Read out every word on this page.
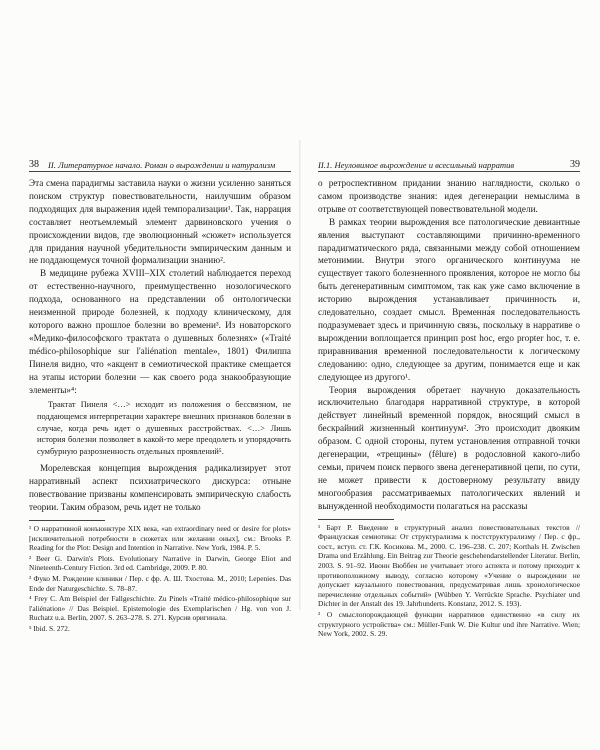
38 II. Литературное начало. Роман о вырождении и натурализм

Эта смена парадигмы заставила науки о жизни усиленно заняться поиском структур повествовательности, наилучшим образом подходящих для выражения идей темпорализации¹. Так, наррация составляет неотъемлемый элемент дарвиновского учения о происхождении видов, где эволюционный «сюжет» используется для придания научной убедительности эмпирическим данным и не поддающемуся точной формализации знанию².

В медицине рубежа XVIII–XIX столетий наблюдается переход от естественно-научного, преимущественно нозологического подхода, основанного на представлении об онтологически неизменной природе болезней, к подходу клиническому, для которого важно прошлое болезни во времени³. Из новаторского «Медико-философского трактата о душевных болезнях» («Traité médico-philosophique sur l'aliénation mentale», 1801) Филиппа Пинеля видно, что «акцент в семиотической практике смещается на этапы истории болезни — как своего рода знакообразующие элементы»⁴:

Трактат Пинеля <…> исходит из положения о бессвязном, не поддающемся интерпретации характере внешних признаков болезни в случае, когда речь идет о душевных расстройствах. <…> Лишь история болезни позволяет в какой-то мере преодолеть и упорядочить сумбурную разрозненность отдельных проявлений⁵.

Морелевская концепция вырождения радикализирует этот нарративный аспект психиатрического дискурса: отныне повествование призваны компенсировать эмпирическую слабость теории. Таким образом, речь идет не только

¹ О нарративной конъюнктуре XIX века, «an extraordinary need or desire for plots» [исключительной потребности в сюжетах или желании оных], см.: Brooks P. Reading for the Plot: Design and Intention in Narrative. New York, 1984. P. 5.
² Beer G. Darwin's Plots. Evolutionary Narrative in Darwin, George Eliot and Nineteenth-Century Fiction. 3rd ed. Cambridge, 2009. P. 80.
³ Фуко М. Рождение клиники / Пер. с фр. А. Ш. Тхостова. М., 2010; Lepenies. Das Ende der Naturgeschichte. S. 78–87.
⁴ Frey C. Am Beispiel der Fallgeschichte. Zu Pinels «Traité médico-philosophique sur l'aliénation» // Das Beispiel. Epistemologie des Exemplarischen / Hg. von von J. Ruchatz u.a. Berlin, 2007. S. 263–278. S. 271. Курсив оригинала.
⁵ Ibid. S. 272.
II.1. Неуловимое вырождение и всесильный нарратив	39

о ретроспективном придании знанию наглядности, сколько о самом производстве знания: идея дегенерации немыслима в отрыве от соответствующей повествовательной модели.

В рамках теории вырождения все патологические девиантные явления выступают составляющими причинно-временного парадигматического ряда, связанными между собой отношением метонимии. Внутри этого органического континуума не существует такого болезненного проявления, которое не могло бы быть дегенеративным симптомом, так как уже само включение в историю вырождения устанавливает причинность и, следовательно, создает смысл. Временна́я последовательность подразумевает здесь и причинную связь, поскольку в нарративе о вырождении воплощается принцип post hoc, ergo propter hoc, т. е. приравнивания временной последовательности к логическому следованию: одно, следующее за другим, понимается еще и как следующее из другого¹.

Теория вырождения обретает научную доказательность исключительно благодаря нарративной структуре, в которой действует линейный временной порядок, вносящий смысл в бескрайний жизненный континуум². Это происходит двояким образом. С одной стороны, путем установления отправной точки дегенерации, «трещины» (fêlure) в родословной какого-либо семьи, причем поиск первого звена дегенеративной цепи, по сути, не может привести к достоверному результату ввиду многообразия рассматриваемых патологических явлений и вынужденной необходимости полагаться на рассказы

¹ Барт Р. Введение в структурный анализ повествовательных текстов // Французская семиотика: От структурализма к постструктурализму / Пер. с фр., сост., вступ. ст. Г.К. Косикова. М., 2000. С. 196–238. С. 207; Korthals H. Zwischen Drama und Erzählung. Ein Beitrag zur Theorie geschehendarstellender Literatur. Berlin, 2003. S. 91–92. Ивонн Вюббен не учитывает этого аспекта и потому приходит к противоположному выводу, согласно которому «Учение о вырождении не допускает каузального повествования, предусматривая лишь хронологическое перечисление отдельных событий» (Wübben Y. Verrückte Sprache. Psychiater und Dichter in der Anstalt des 19. Jahrhunderts. Konstanz, 2012. S. 193).
² О смыслопорождающей функции нарративов единственно «в силу их структурного устройства» см.: Müller-Funk W. Die Kultur und ihre Narrative. Wien; New York, 2002. S. 29.
